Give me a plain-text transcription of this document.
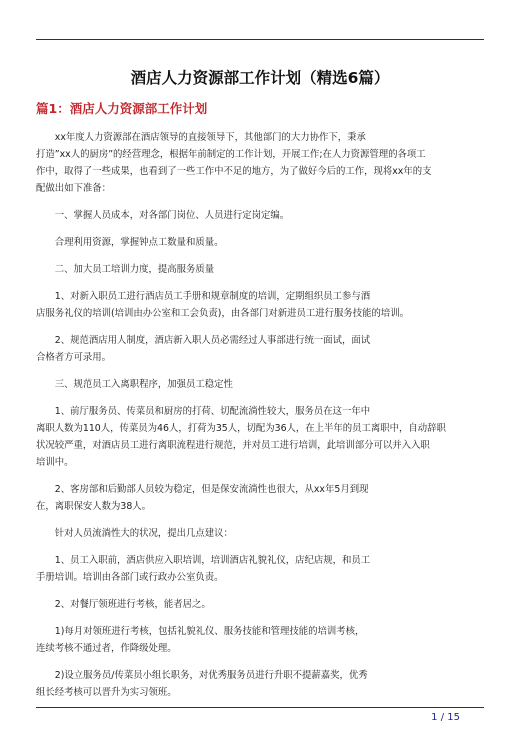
酒店人力资源部工作计划（精选6篇）
篇1：酒店人力资源部工作计划

xx年度人力资源部在酒店领导的直接领导下，其他部门的大力协作下，秉承
打造”xx人的厨房”的经营理念，根据年前制定的工作计划，开展工作;在人力资源管理的各项工
作中，取得了一些成果，也看到了一些工作中不足的地方，为了做好今后的工作，现将xx年的支
配做出如下准备：

一、掌握人员成本，对各部门岗位、人员进行定岗定编。

合理利用资源，掌握钟点工数量和质量。

二、加大员工培训力度，提高服务质量

1、对新入职员工进行酒店员工手册和规章制度的培训，定期组织员工参与酒
店服务礼仪的培训(培训由办公室和工会负责)，由各部门对新进员工进行服务技能的培训。

2、规范酒店用人制度，酒店新入职人员必需经过人事部进行统一面试，面试
合格者方可录用。

三、规范员工入离职程序，加强员工稳定性

1、前厅服务员、传菜员和厨房的打荷、切配流淌性较大，服务员在这一年中
离职人数为110人，传菜员为46人，打荷为35人，切配为36人，在上半年的员工离职中，自动辞职
状况较严重，对酒店员工进行离职流程进行规范，并对员工进行培训，此培训部分可以并入入职
培训中。

2、客房部和后勤部人员较为稳定，但是保安流淌性也很大，从xx年5月到现
在，离职保安人数为38人。

针对人员流淌性大的状况，提出几点建议：

1、员工入职前，酒店供应入职培训，培训酒店礼貌礼仪，店纪店规，和员工
手册培训。培训由各部门或行政办公室负责。

2、对餐厅领班进行考核，能者居之。

1)每月对领班进行考核，包括礼貌礼仪、服务技能和管理技能的培训考核，
连续考核不通过者，作降级处理。

2)设立服务员/传菜员小组长职务，对优秀服务员进行升职不提薪嘉奖，优秀
组长经考核可以晋升为实习领班。

1 / 15
